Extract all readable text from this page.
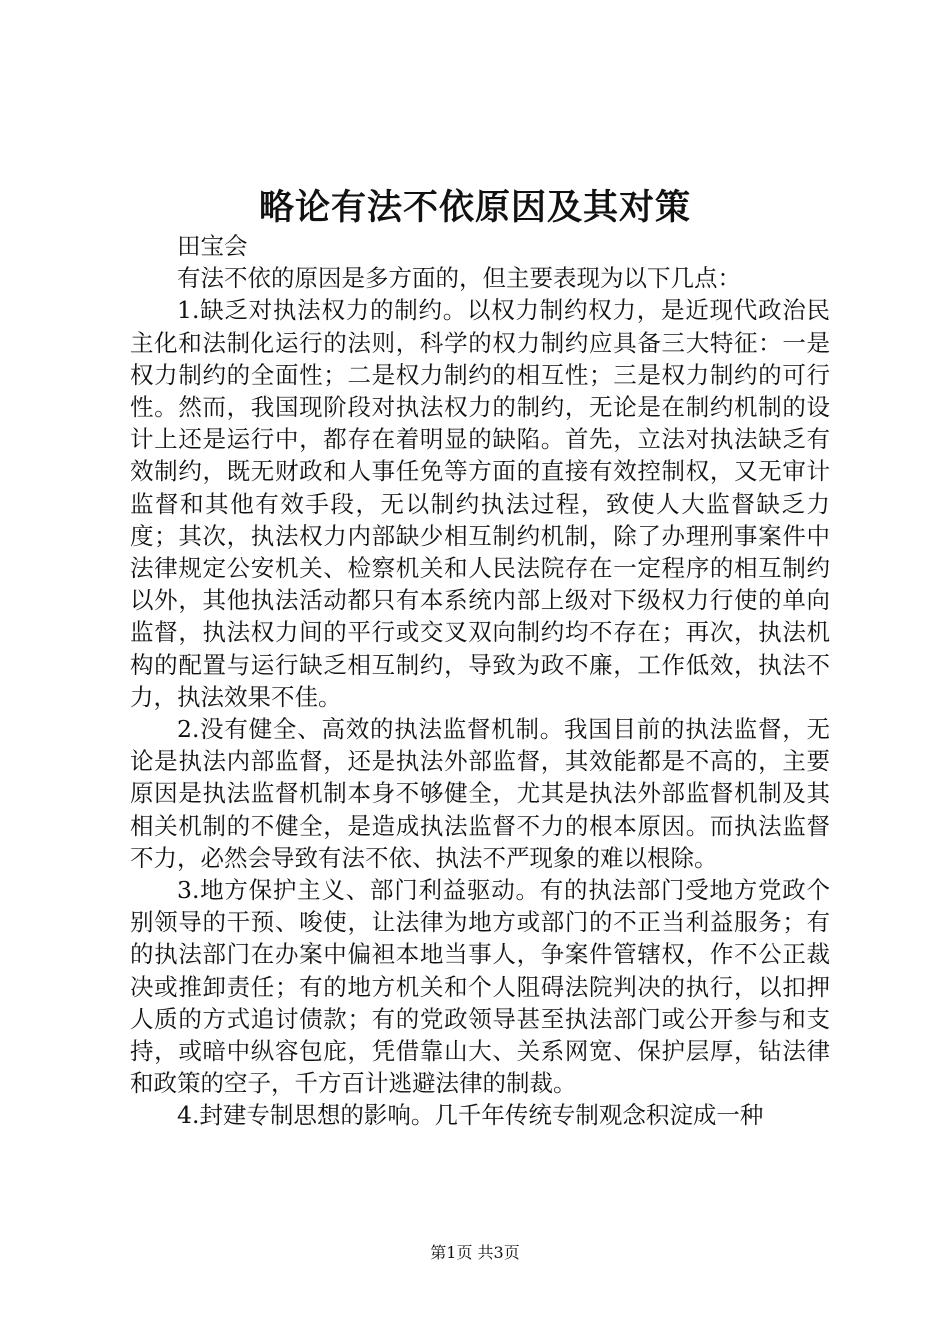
略论有法不依原因及其对策

田宝会

有法不依的原因是多方面的，但主要表现为以下几点：

1.缺乏对执法权力的制约。以权力制约权力，是近现代政治民主化和法制化运行的法则，科学的权力制约应具备三大特征：一是权力制约的全面性；二是权力制约的相互性；三是权力制约的可行性。然而，我国现阶段对执法权力的制约，无论是在制约机制的设计上还是运行中，都存在着明显的缺陷。首先，立法对执法缺乏有效制约，既无财政和人事任免等方面的直接有效控制权，又无审计监督和其他有效手段，无以制约执法过程，致使人大监督缺乏力度；其次，执法权力内部缺少相互制约机制，除了办理刑事案件中法律规定公安机关、检察机关和人民法院存在一定程序的相互制约以外，其他执法活动都只有本系统内部上级对下级权力行使的单向监督，执法权力间的平行或交叉双向制约均不存在；再次，执法机构的配置与运行缺乏相互制约，导致为政不廉，工作低效，执法不力，执法效果不佳。

2.没有健全、高效的执法监督机制。我国目前的执法监督，无论是执法内部监督，还是执法外部监督，其效能都是不高的，主要原因是执法监督机制本身不够健全，尤其是执法外部监督机制及其相关机制的不健全，是造成执法监督不力的根本原因。而执法监督不力，必然会导致有法不依、执法不严现象的难以根除。

3.地方保护主义、部门利益驱动。有的执法部门受地方党政个别领导的干预、唆使，让法律为地方或部门的不正当利益服务；有的执法部门在办案中偏袒本地当事人，争案件管辖权，作不公正裁决或推卸责任；有的地方机关和个人阻碍法院判决的执行，以扣押人质的方式追讨债款；有的党政领导甚至执法部门或公开参与和支持，或暗中纵容包庇，凭借靠山大、关系网宽、保护层厚，钻法律和政策的空子，千方百计逃避法律的制裁。

4.封建专制思想的影响。几千年传统专制观念积淀成一种

第1页 共3页
